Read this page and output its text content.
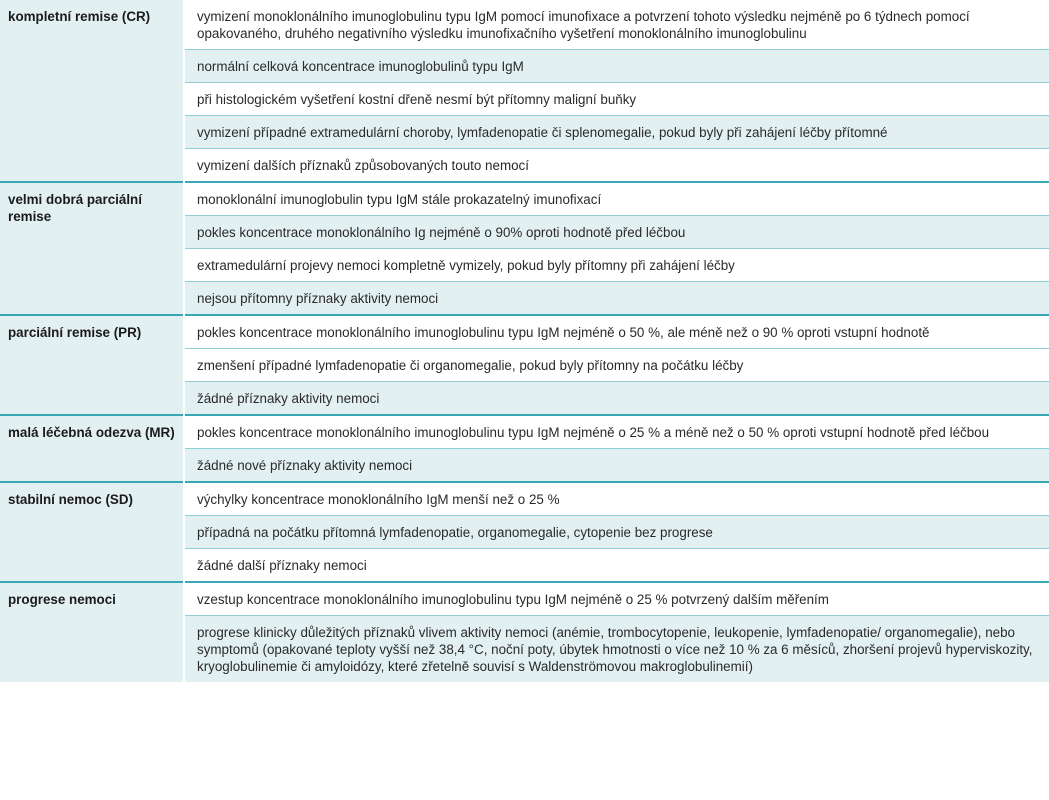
kompletní remise (CR)	vymizení monoklonálního imunoglobulinu typu IgM pomocí imunofixace a potvrzení tohoto výsledku nejméně po 6 týdnech pomocí opakovaného, druhého negativního výsledku imunofixačního vyšetření monoklonálního imunoglobulinu
	normální celková koncentrace imunoglobulinů typu IgM
	při histologickém vyšetření kostní dřeně nesmí být přítomny maligní buňky
	vymizení případné extramedulární choroby, lymfadenopatie či splenomegalie, pokud byly při zahájení léčby přítomné
	vymizení dalších příznaků způsobovaných touto nemocí
velmi dobrá parciální remise	monoklonální imunoglobulin typu IgM stále prokazatelný imunofixací
	pokles koncentrace monoklonálního Ig nejméně o 90% oproti hodnotě před léčbou
	extramedulární projevy nemoci kompletně vymizely, pokud byly přítomny při zahájení léčby
	nejsou přítomny příznaky aktivity nemoci
parciální remise (PR)	pokles koncentrace monoklonálního imunoglobulinu typu IgM nejméně o 50 %, ale méně než o 90 % oproti vstupní hodnotě
	zmenšení případné lymfadenopatie či organomegalie, pokud byly přítomny na počátku léčby
	žádné příznaky aktivity nemoci
malá léčebná odezva (MR)	pokles koncentrace monoklonálního imunoglobulinu typu IgM nejméně o 25 % a méně než o 50 % oproti vstupní hodnotě před léčbou
	žádné nové příznaky aktivity nemoci
stabilní nemoc (SD)	výchylky koncentrace monoklonálního IgM menší než o 25 %
	případná na počátku přítomná lymfadenopatie, organomegalie, cytopenie bez progrese
	žádné další příznaky nemoci
progrese nemoci	vzestup koncentrace monoklonálního imunoglobulinu typu IgM nejméně o 25 % potvrzený dalším měřením
	progrese klinicky důležitých příznaků vlivem aktivity nemoci (anémie, trombocytopenie, leukopenie, lymfadenopatie/ organomegalie), nebo symptomů (opakované teploty vyšší než 38,4 °C, noční poty, úbytek hmotnosti o více než 10 % za 6 měsíců, zhoršení projevů hyperviskozity, kryoglobulinemie či amyloidózy, které zřetelně souvisí s Waldenströmovou makroglobulinemií)
